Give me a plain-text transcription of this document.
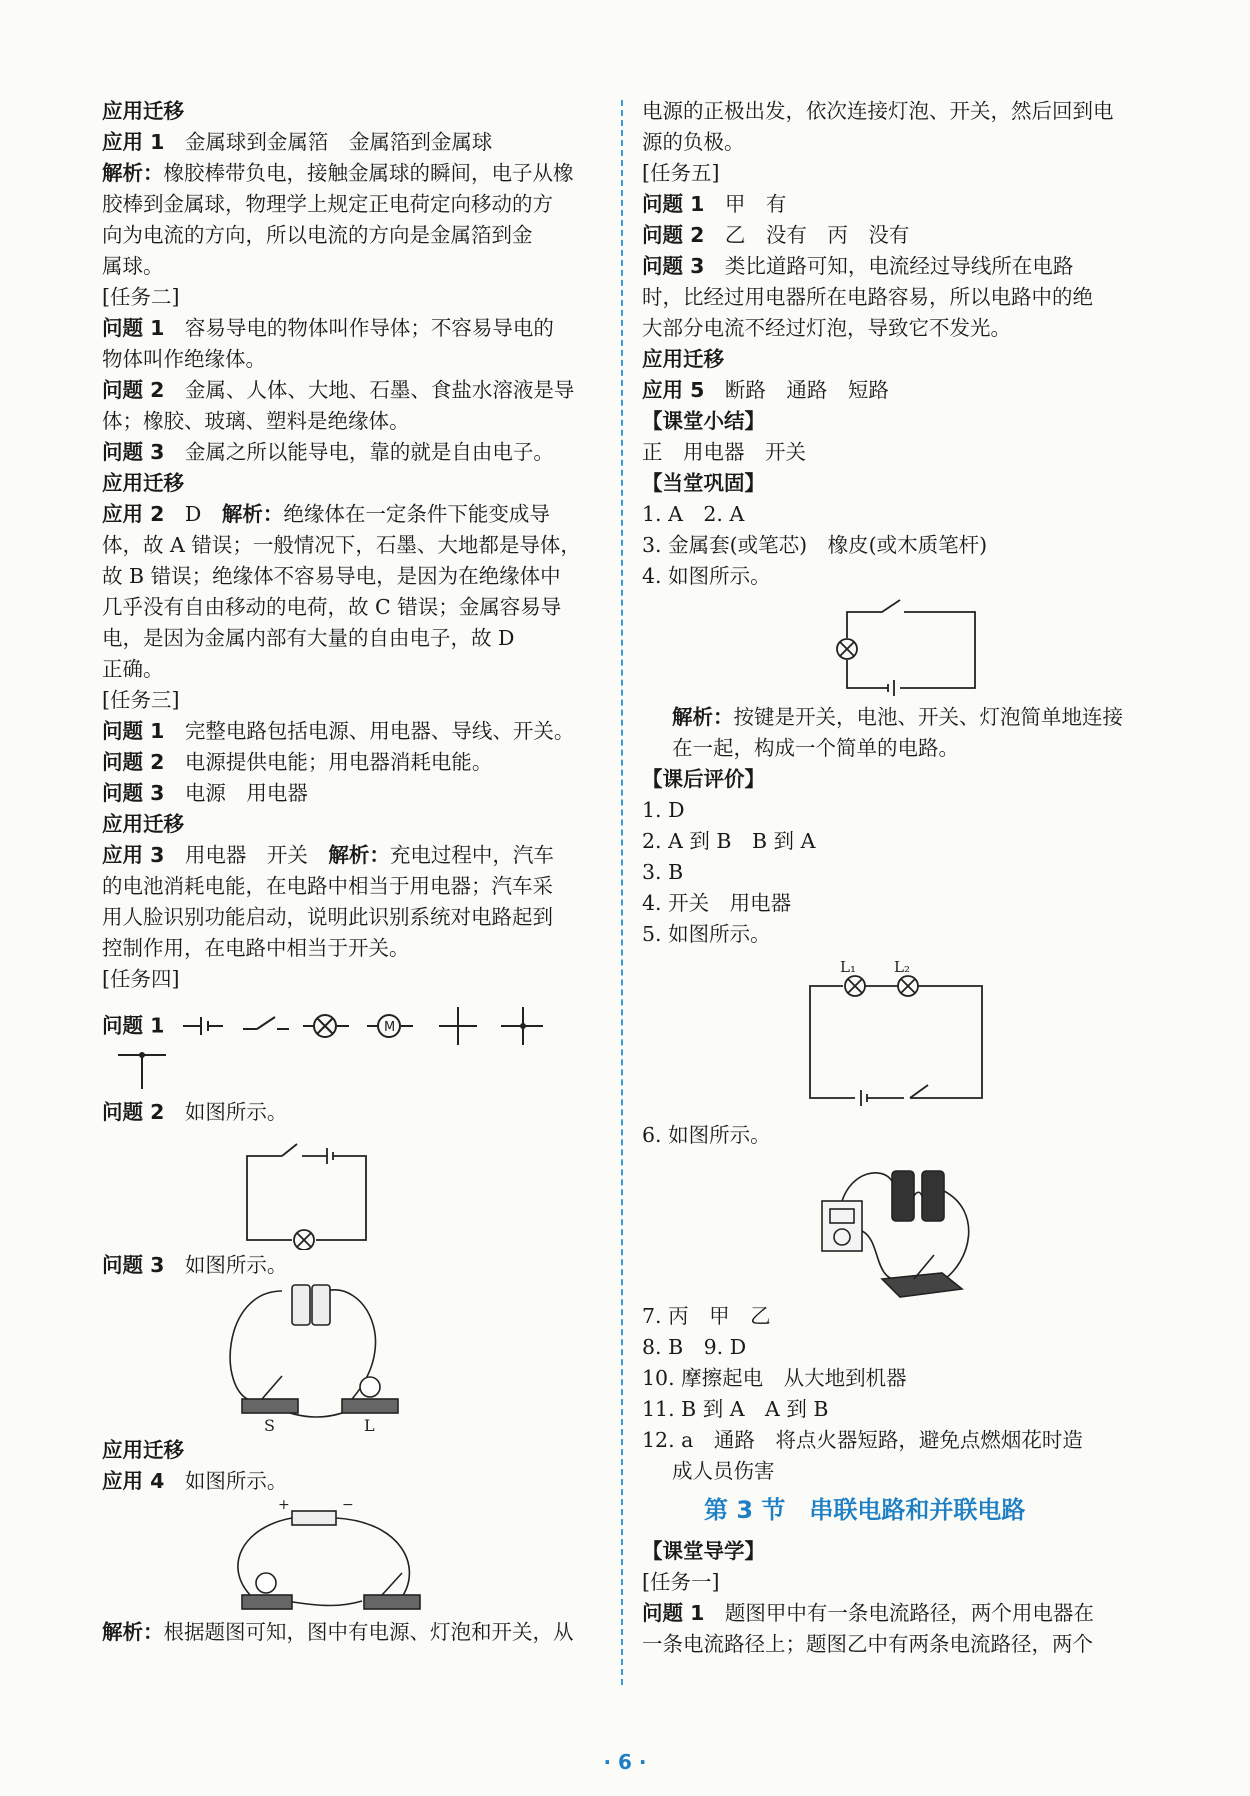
应用迁移
应用 1　 金属球到金属箔　金属箔到金属球
解析：橡胶棒带负电，接触金属球的瞬间，电子从橡
胶棒到金属球，物理学上规定正电荷定向移动的方
向为电流的方向，所以电流的方向是金属箔到金
属球。
[任务二]
问题 1　 容易导电的物体叫作导体；不容易导电的
物体叫作绝缘体。
问题 2　 金属、人体、大地、石墨、食盐水溶液是导
体；橡胶、玻璃、塑料是绝缘体。
问题 3　 金属之所以能导电，靠的就是自由电子。
应用迁移
应用 2　 D　解析：绝缘体在一定条件下能变成导
体，故 A 错误；一般情况下，石墨、大地都是导体，
故 B 错误；绝缘体不容易导电，是因为在绝缘体中
几乎没有自由移动的电荷，故 C 错误；金属容易导
电，是因为金属内部有大量的自由电子，故 D
正确。
[任务三]
问题 1　 完整电路包括电源、用电器、导线、开关。
问题 2　 电源提供电能；用电器消耗电能。
问题 3　 电源　用电器
应用迁移
应用 3　 用电器　开关　解析：充电过程中，汽车
的电池消耗电能，在电路中相当于用电器；汽车采
用人脸识别功能启动，说明此识别系统对电路起到
控制作用，在电路中相当于开关。
[任务四]
问题 1	M
问题 2　 如图所示。
问题 3　 如图所示。
S	L
应用迁移
应用 4　 如图所示。
+	−
解析：根据题图可知，图中有电源、灯泡和开关，从
电源的正极出发，依次连接灯泡、开关，然后回到电
源的负极。
[任务五]
问题 1　 甲　有
问题 2　 乙　没有　丙　没有
问题 3　 类比道路可知，电流经过导线所在电路
时，比经过用电器所在电路容易，所以电路中的绝
大部分电流不经过灯泡，导致它不发光。
应用迁移
应用 5　 断路　通路　短路
【课堂小结】
正　用电器　开关
【当堂巩固】
1. A　2. A
3. 金属套(或笔芯)　橡皮(或木质笔杆)
4. 如图所示。
解析：按键是开关，电池、开关、灯泡简单地连接
在一起，构成一个简单的电路。
【课后评价】
1. D
2. A 到 B　B 到 A
3. B
4. 开关　用电器
5. 如图所示。
L₁	L₂
6. 如图所示。
7. 丙　甲　乙
8. B　9. D
10. 摩擦起电　从大地到机器
11. B 到 A　A 到 B
12. a　通路　将点火器短路，避免点燃烟花时造
成人员伤害
第 3 节　串联电路和并联电路
【课堂导学】
[任务一]
问题 1　 题图甲中有一条电流路径，两个用电器在
一条电流路径上；题图乙中有两条电流路径，两个
· 6 ·
